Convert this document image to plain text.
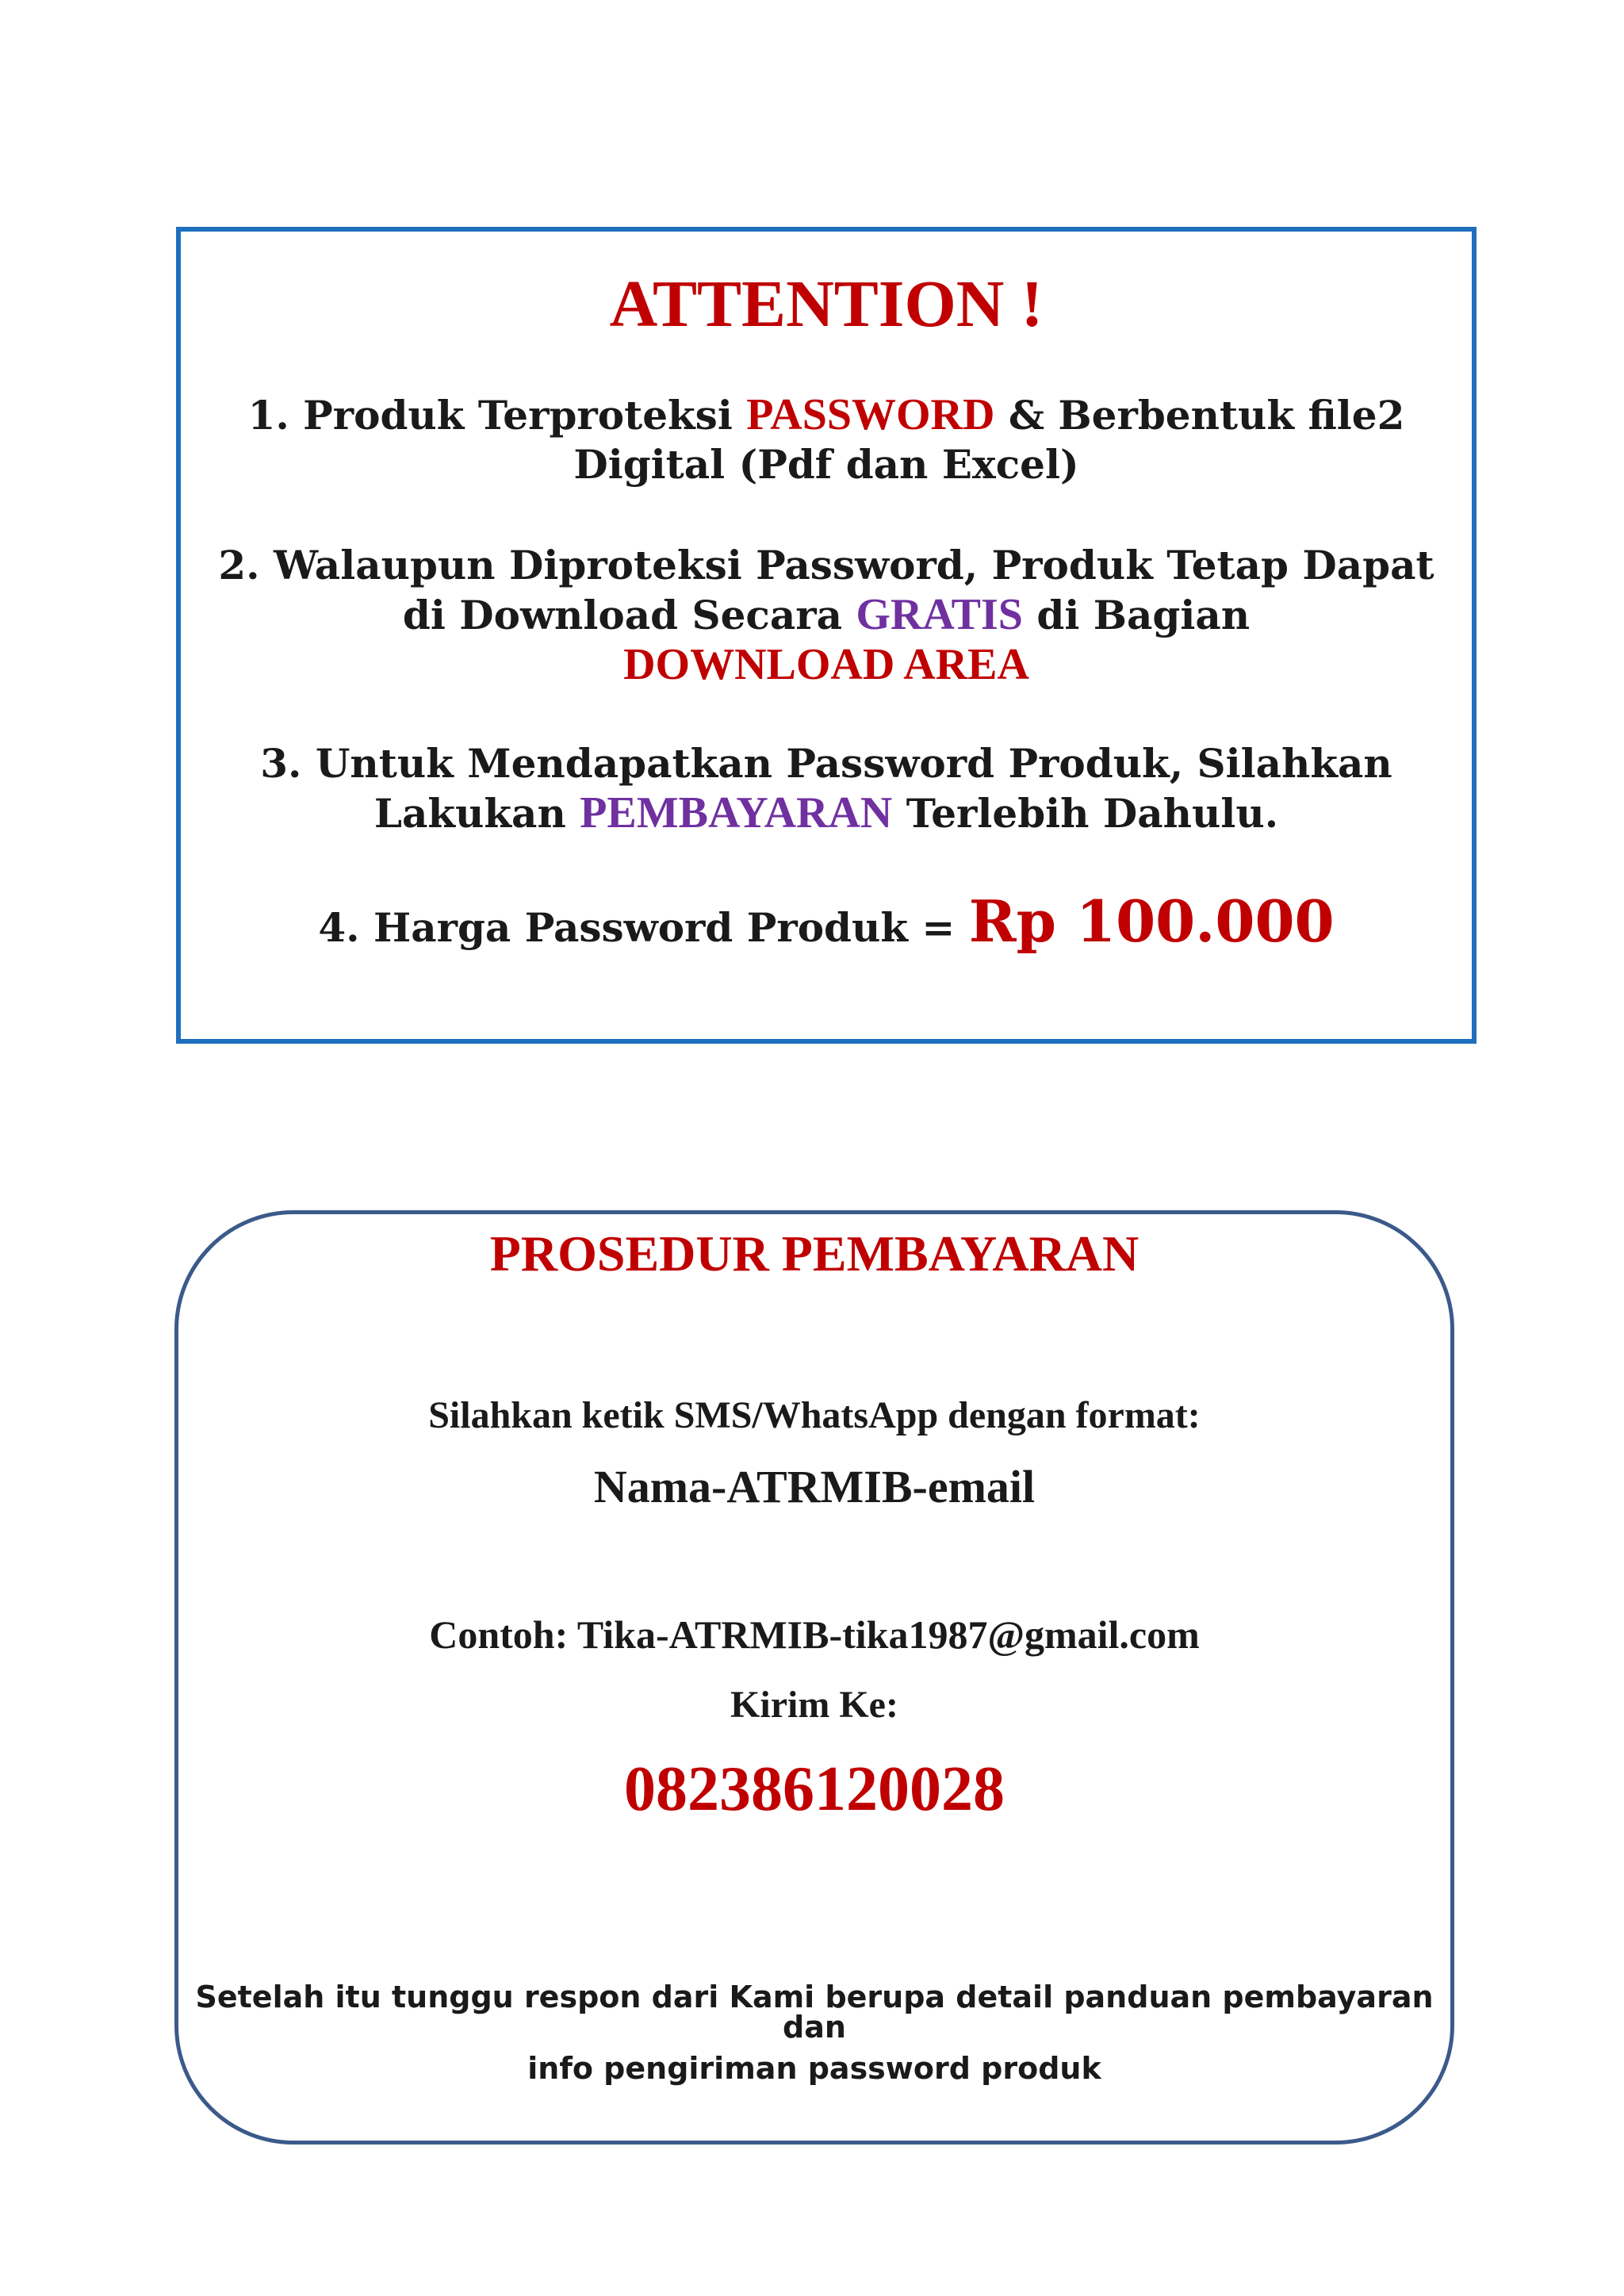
ATTENTION !

1. Produk Terproteksi PASSWORD & Berbentuk file2 Digital (Pdf dan Excel)

2. Walaupun Diproteksi Password, Produk Tetap Dapat di Download Secara GRATIS di Bagian
DOWNLOAD AREA

3. Untuk Mendapatkan Password Produk, Silahkan Lakukan PEMBAYARAN Terlebih Dahulu.

4. Harga Password Produk = Rp 100.000

PROSEDUR PEMBAYARAN

Silahkan ketik SMS/WhatsApp dengan format:

Nama-ATRMIB-email

Contoh: Tika-ATRMIB-tika1987@gmail.com

Kirim Ke:

082386120028

Setelah itu tunggu respon dari Kami berupa detail panduan pembayaran dan

info pengiriman password produk
